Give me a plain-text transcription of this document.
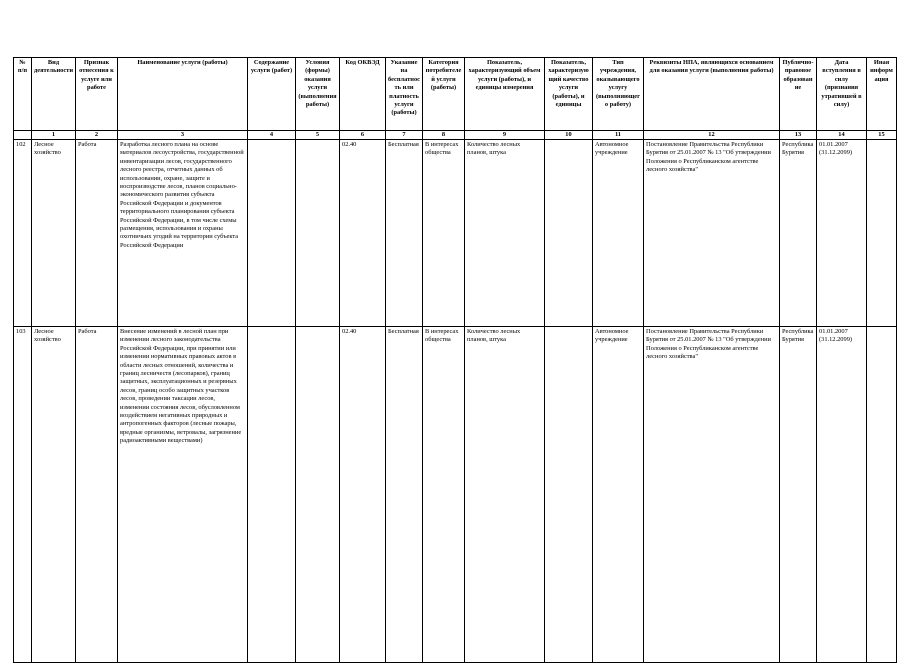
№ п/п	Вид деятельности	Признак отнесения к услуге или работе	Наименование услуги (работы)	Содержание услуги (работ)	Условия (формы) оказания услуги (выполнения работы)	Код ОКВЭД	Указание на бесплатность или платность услуги (работы)	Категория потребителей услуги (работы)	Показатель, характеризующий объем услуги (работы), и единицы измерения	Показатель, характеризующий качество услуги (работы), и единицы	Тип учреждения, оказывающего услугу (выполняющего работу)	Реквизиты НПА, являющихся основанием для оказания услуги (выполнения работы)	Публично-правовое образование	Дата вступления в силу (признания утратившей в силу)	Иная информация
	1	2	3	4	5	6	7	8	9	10	11	12	13	14	15
102	Лесное хозяйство	Работа	Разработка лесного плана на основе материалов лесоустройства, государственной инвентаризации лесов, государственного лесного реестра, отчетных данных об использовании, охране, защите и воспроизводстве лесов, планов социально-экономического развития субъекта Российской Федерации и документов территориального планирования субъекта Российской Федерации, в том числе схемы размещения, использования и охраны охотничьих угодий на территории субъекта Российской Федерации			02.40	Бесплатная	В интересах общества	Количество лесных планов, штука		Автономное учреждение	Постановление Правительства Республики Бурятия от 25.01.2007 № 13 "Об утверждении Положения о Республиканском агентстве лесного хозяйства"	Республика Бурятия	01.01.2007 (31.12.2099)	
103	Лесное хозяйство	Работа	Внесение изменений в лесной план при изменении лесного законодательства Российской Федерации, при принятии или изменении нормативных правовых актов в области лесных отношений, количества и границ лесничеств (лесопарков), границ защитных, эксплуатационных и резервных лесов, границ особо защитных участков лесов, проведении таксации лесов, изменении состояния лесов, обусловленном воздействием негативных природных и антропогенных факторов (лесные пожары, вредные организмы, ветровалы, загрязнение радиоактивными веществами)			02.40	Бесплатная	В интересах общества	Количество лесных планов, штука		Автономное учреждение	Постановление Правительства Республики Бурятия от 25.01.2007 № 13 "Об утверждении Положения о Республиканском агентстве лесного хозяйства"	Республика Бурятия	01.01.2007 (31.12.2099)	
